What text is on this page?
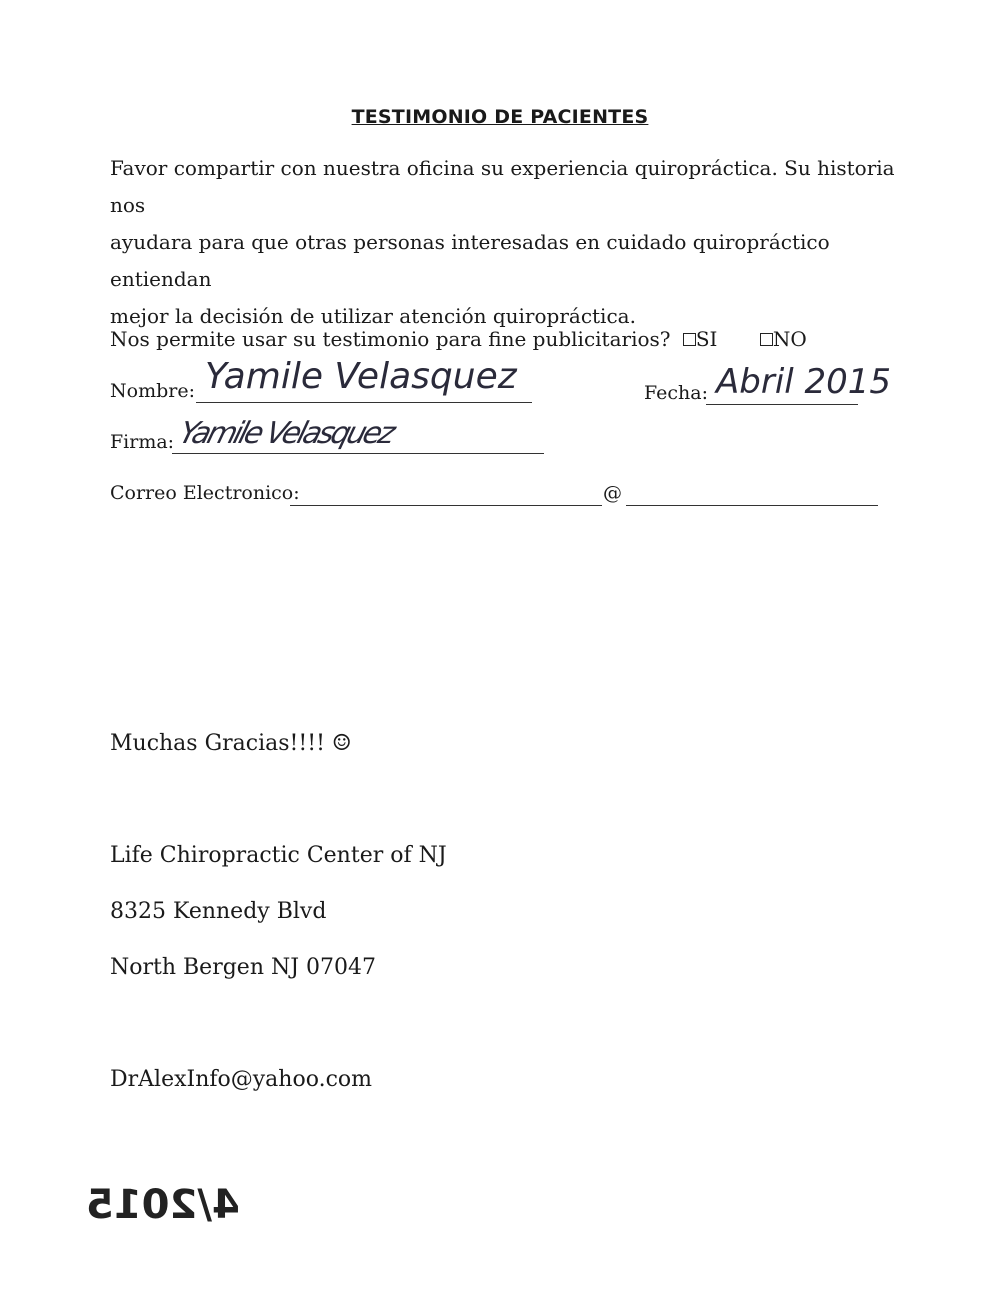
TESTIMONIO DE PACIENTES
Favor compartir con nuestra oficina su experiencia quiropráctica. Su historia nos
ayudara para que otras personas interesadas en cuidado quiropráctico entiendan
mejor la decisión de utilizar atención quiropráctica.
Nos permite usar su testimonio para fine publicitarios? SI	NO
Nombre: Yamile Velasquez	Fecha: Abril 2015
Firma: Yamile Velasquez
Correo Electronico:	@
Muchas Gracias!!!! ☺
Life Chiropractic Center of NJ
8325 Kennedy Blvd
North Bergen NJ 07047
DrAlexInfo@yahoo.com
4/2015
